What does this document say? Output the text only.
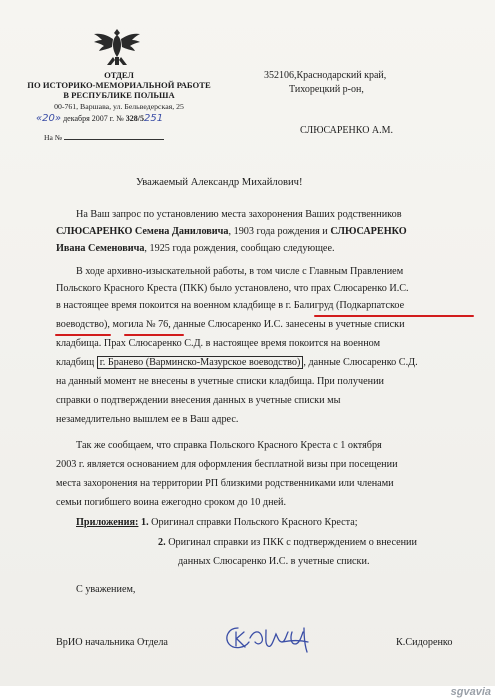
ОТДЕЛ
ПО ИСТОРИКО-МЕМОРИАЛЬНОЙ РАБОТЕ
В РЕСПУБЛИКЕ ПОЛЬША
00-761, Варшава, ул. Бельведерская, 25
«20» декабря 2007 г. № 328/5251
На №
352106,Краснодарский край,
Тихорецкий р-он,
СЛЮСАРЕНКО А.М.
Уважаемый Александр Михайлович!
На Ваш запрос по установлению места захоронения Ваших родственников
СЛЮСАРЕНКО Семена Даниловича, 1903 года рождения и СЛЮСАРЕНКО
Ивана Семеновича, 1925 года рождения, сообщаю следующее.
В ходе архивно-изыскательной работы, в том числе с Главным Правлением
Польского Красного Креста (ПКК) было установлено, что прах Слюсаренко И.С.
в настоящее время покоится на военном кладбище в г. Балигруд (Подкарпатское
воеводство), могила № 76, данные Слюсаренко И.С. занесены в учетные списки
кладбища. Прах Слюсаренко С.Д. в настоящее время покоится на военном
кладбищ г. Бранево (Варминско-Мазурское воеводство) , данные Слюсаренко С.Д.
на данный момент не внесены в учетные списки кладбища. При получении
справки о подтверждении внесения данных в учетные списки мы
незамедлительно вышлем ее в Ваш адрес.
Так же сообщаем, что справка Польского Красного Креста с 1 октября
2003 г. является основанием для оформления бесплатной визы при посещении
места захоронения на территории РП близкими родственниками или членами
семьи погибшего воина ежегодно сроком до 10 дней.
Приложения: 1. Оригинал справки Польского Красного Креста;
2. Оригинал справки из ПКК с подтверждением о внесении
данных Слюсаренко И.С. в учетные списки.
С уважением,
ВрИО начальника Отдела	К.Сидоренко
sgvavia
